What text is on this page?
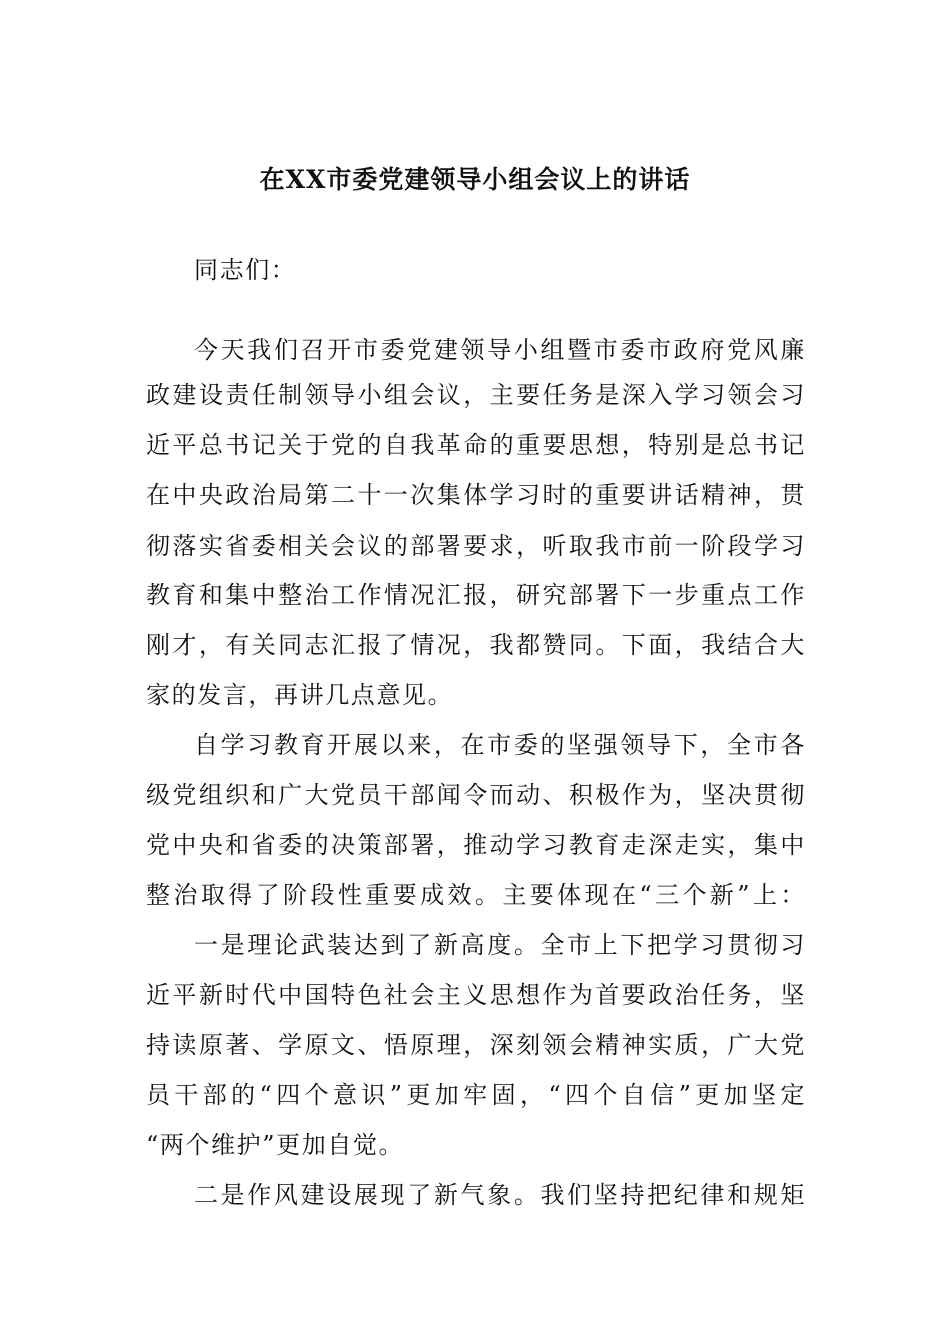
在XX市委党建领导小组会议上的讲话
同志们：
今天我们召开市委党建领导小组暨市委市政府党风廉
政建设责任制领导小组会议，主要任务是深入学习领会习
近平总书记关于党的自我革命的重要思想，特别是总书记
在中央政治局第二十一次集体学习时的重要讲话精神，贯
彻落实省委相关会议的部署要求，听取我市前一阶段学习
教育和集中整治工作情况汇报，研究部署下一步重点工作
刚才，有关同志汇报了情况，我都赞同。下面，我结合大
家的发言，再讲几点意见。
自学习教育开展以来，在市委的坚强领导下，全市各
级党组织和广大党员干部闻令而动、积极作为，坚决贯彻
党中央和省委的决策部署，推动学习教育走深走实，集中
整治取得了阶段性重要成效。主要体现在“三个新”上：
一是理论武装达到了新高度。全市上下把学习贯彻习
近平新时代中国特色社会主义思想作为首要政治任务，坚
持读原著、学原文、悟原理，深刻领会精神实质，广大党
员干部的“四个意识”更加牢固，“四个自信”更加坚定
“两个维护”更加自觉。
二是作风建设展现了新气象。我们坚持把纪律和规矩
